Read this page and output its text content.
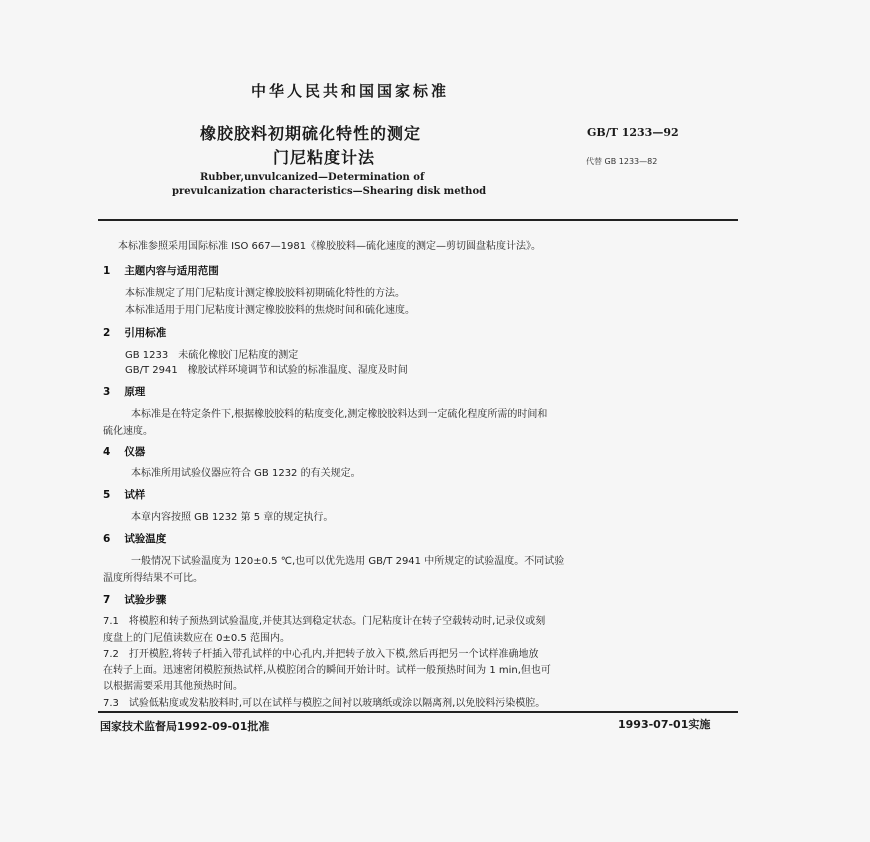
中华人民共和国国家标准
橡胶胶料初期硫化特性的测定
门尼粘度计法
GB/T 1233—92
代替 GB 1233—82
Rubber,unvulcanized—Determination of
prevulcanization characteristics—Shearing disk method
本标准参照采用国际标准 ISO 667—1981《橡胶胶料—硫化速度的测定—剪切圆盘粘度计法》。
1 主题内容与适用范围
本标准规定了用门尼粘度计测定橡胶胶料初期硫化特性的方法。
本标准适用于用门尼粘度计测定橡胶胶料的焦烧时间和硫化速度。
2 引用标准
GB 1233　未硫化橡胶门尼粘度的测定
GB/T 2941　橡胶试样环境调节和试验的标准温度、湿度及时间
3 原理
本标准是在特定条件下,根据橡胶胶料的粘度变化,测定橡胶胶料达到一定硫化程度所需的时间和
硫化速度。
4 仪器
本标准所用试验仪器应符合 GB 1232 的有关规定。
5 试样
本章内容按照 GB 1232 第 5 章的规定执行。
6 试验温度
一般情况下试验温度为 120±0.5 ℃,也可以优先选用 GB/T 2941 中所规定的试验温度。不同试验
温度所得结果不可比。
7 试验步骤
7.1　将模腔和转子预热到试验温度,并使其达到稳定状态。门尼粘度计在转子空载转动时,记录仪或刻
度盘上的门尼值读数应在 0±0.5 范围内。
7.2　打开模腔,将转子杆插入带孔试样的中心孔内,并把转子放入下模,然后再把另一个试样准确地放
在转子上面。迅速密闭模腔预热试样,从模腔闭合的瞬间开始计时。试样一般预热时间为 1 min,但也可
以根据需要采用其他预热时间。
7.3　试验低粘度或发粘胶料时,可以在试样与模腔之间衬以玻璃纸或涂以隔离剂,以免胶料污染模腔。
国家技术监督局1992-09-01批准	1993-07-01实施
